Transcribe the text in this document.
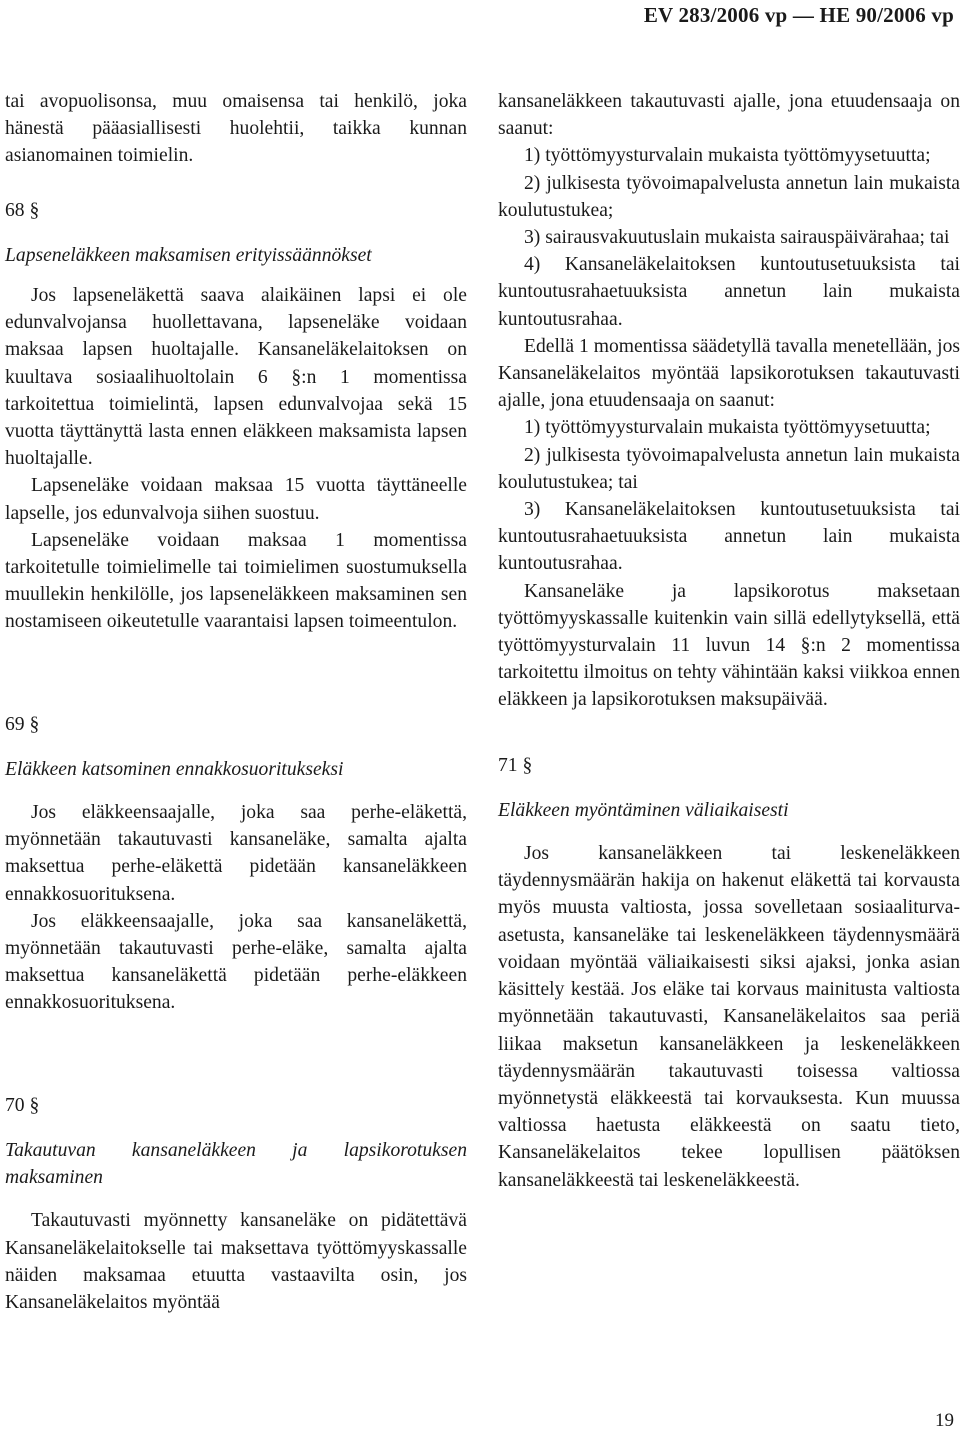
EV 283/2006 vp — HE 90/2006 vp

tai avopuolisonsa, muu omaisensa tai henkilö, joka hänestä pääasiallisesti huolehtii, taikka kunnan asianomainen toimielin.

68 §

Lapseneläkkeen maksamisen erityissäännökset

Jos lapseneläkettä saava alaikäinen lapsi ei ole edunvalvojansa huollettavana, lapseneläke voidaan maksaa lapsen huoltajalle. Kansaneläkelaitoksen on kuultava sosiaalihuoltolain 6 §:n 1 momentissa tarkoitettua toimielintä, lapsen edunvalvojaa sekä 15 vuotta täyttänyttä lasta ennen eläkkeen maksamista lapsen huoltajalle.

Lapseneläke voidaan maksaa 15 vuotta täyttäneelle lapselle, jos edunvalvoja siihen suostuu.

Lapseneläke voidaan maksaa 1 momentissa tarkoitetulle toimielimelle tai toimielimen suostumuksella muullekin henkilölle, jos lapseneläkkeen maksaminen sen nostamiseen oikeutetulle vaarantaisi lapsen toimeentulon.

69 §

Eläkkeen katsominen ennakkosuoritukseksi

Jos eläkkeensaajalle, joka saa perhe-eläkettä, myönnetään takautuvasti kansaneläke, samalta ajalta maksettua perhe-eläkettä pidetään kansaneläkkeen ennakkosuorituksena.

Jos eläkkeensaajalle, joka saa kansaneläkettä, myönnetään takautuvasti perhe-eläke, samalta ajalta maksettua kansaneläkettä pidetään perhe-eläkkeen ennakkosuorituksena.

70 §

Takautuvan kansaneläkkeen ja lapsikorotuksen maksaminen

Takautuvasti myönnetty kansaneläke on pidätettävä Kansaneläkelaitokselle tai maksettava työttömyyskassalle näiden maksamaa etuutta vastaavilta osin, jos Kansaneläkelaitos myöntää

kansaneläkkeen takautuvasti ajalle, jona etuudensaaja on saanut:

1) työttömyysturvalain mukaista työttömyysetuutta;

2) julkisesta työvoimapalvelusta annetun lain mukaista koulutustukea;

3) sairausvakuutuslain mukaista sairauspäivärahaa; tai

4) Kansaneläkelaitoksen kuntoutusetuuksista tai kuntoutusrahaetuuksista annetun lain mukaista kuntoutusrahaa.

Edellä 1 momentissa säädetyllä tavalla menetellään, jos Kansaneläkelaitos myöntää lapsikorotuksen takautuvasti ajalle, jona etuudensaaja on saanut:

1) työttömyysturvalain mukaista työttömyysetuutta;

2) julkisesta työvoimapalvelusta annetun lain mukaista koulutustukea; tai

3) Kansaneläkelaitoksen kuntoutusetuuksista tai kuntoutusrahaetuuksista annetun lain mukaista kuntoutusrahaa.

Kansaneläke ja lapsikorotus maksetaan työttömyyskassalle kuitenkin vain sillä edellytyksellä, että työttömyysturvalain 11 luvun 14 §:n 2 momentissa tarkoitettu ilmoitus on tehty vähintään kaksi viikkoa ennen eläkkeen ja lapsikorotuksen maksupäivää.

71 §

Eläkkeen myöntäminen väliaikaisesti

Jos kansaneläkkeen tai leskeneläkkeen täydennysmäärän hakija on hakenut eläkettä tai korvausta myös muusta valtiosta, jossa sovelletaan sosiaaliturva-asetusta, kansaneläke tai leskeneläkkeen täydennysmäärä voidaan myöntää väliaikaisesti siksi ajaksi, jonka asian käsittely kestää. Jos eläke tai korvaus mainitusta valtiosta myönnetään takautuvasti, Kansaneläkelaitos saa periä liikaa maksetun kansaneläkkeen ja leskeneläkkeen täydennysmäärän takautuvasti toisessa valtiossa myönnetystä eläkkeestä tai korvauksesta. Kun muussa valtiossa haetusta eläkkeestä on saatu tieto, Kansaneläkelaitos tekee lopullisen päätöksen kansaneläkkeestä tai leskeneläkkeestä.

19
